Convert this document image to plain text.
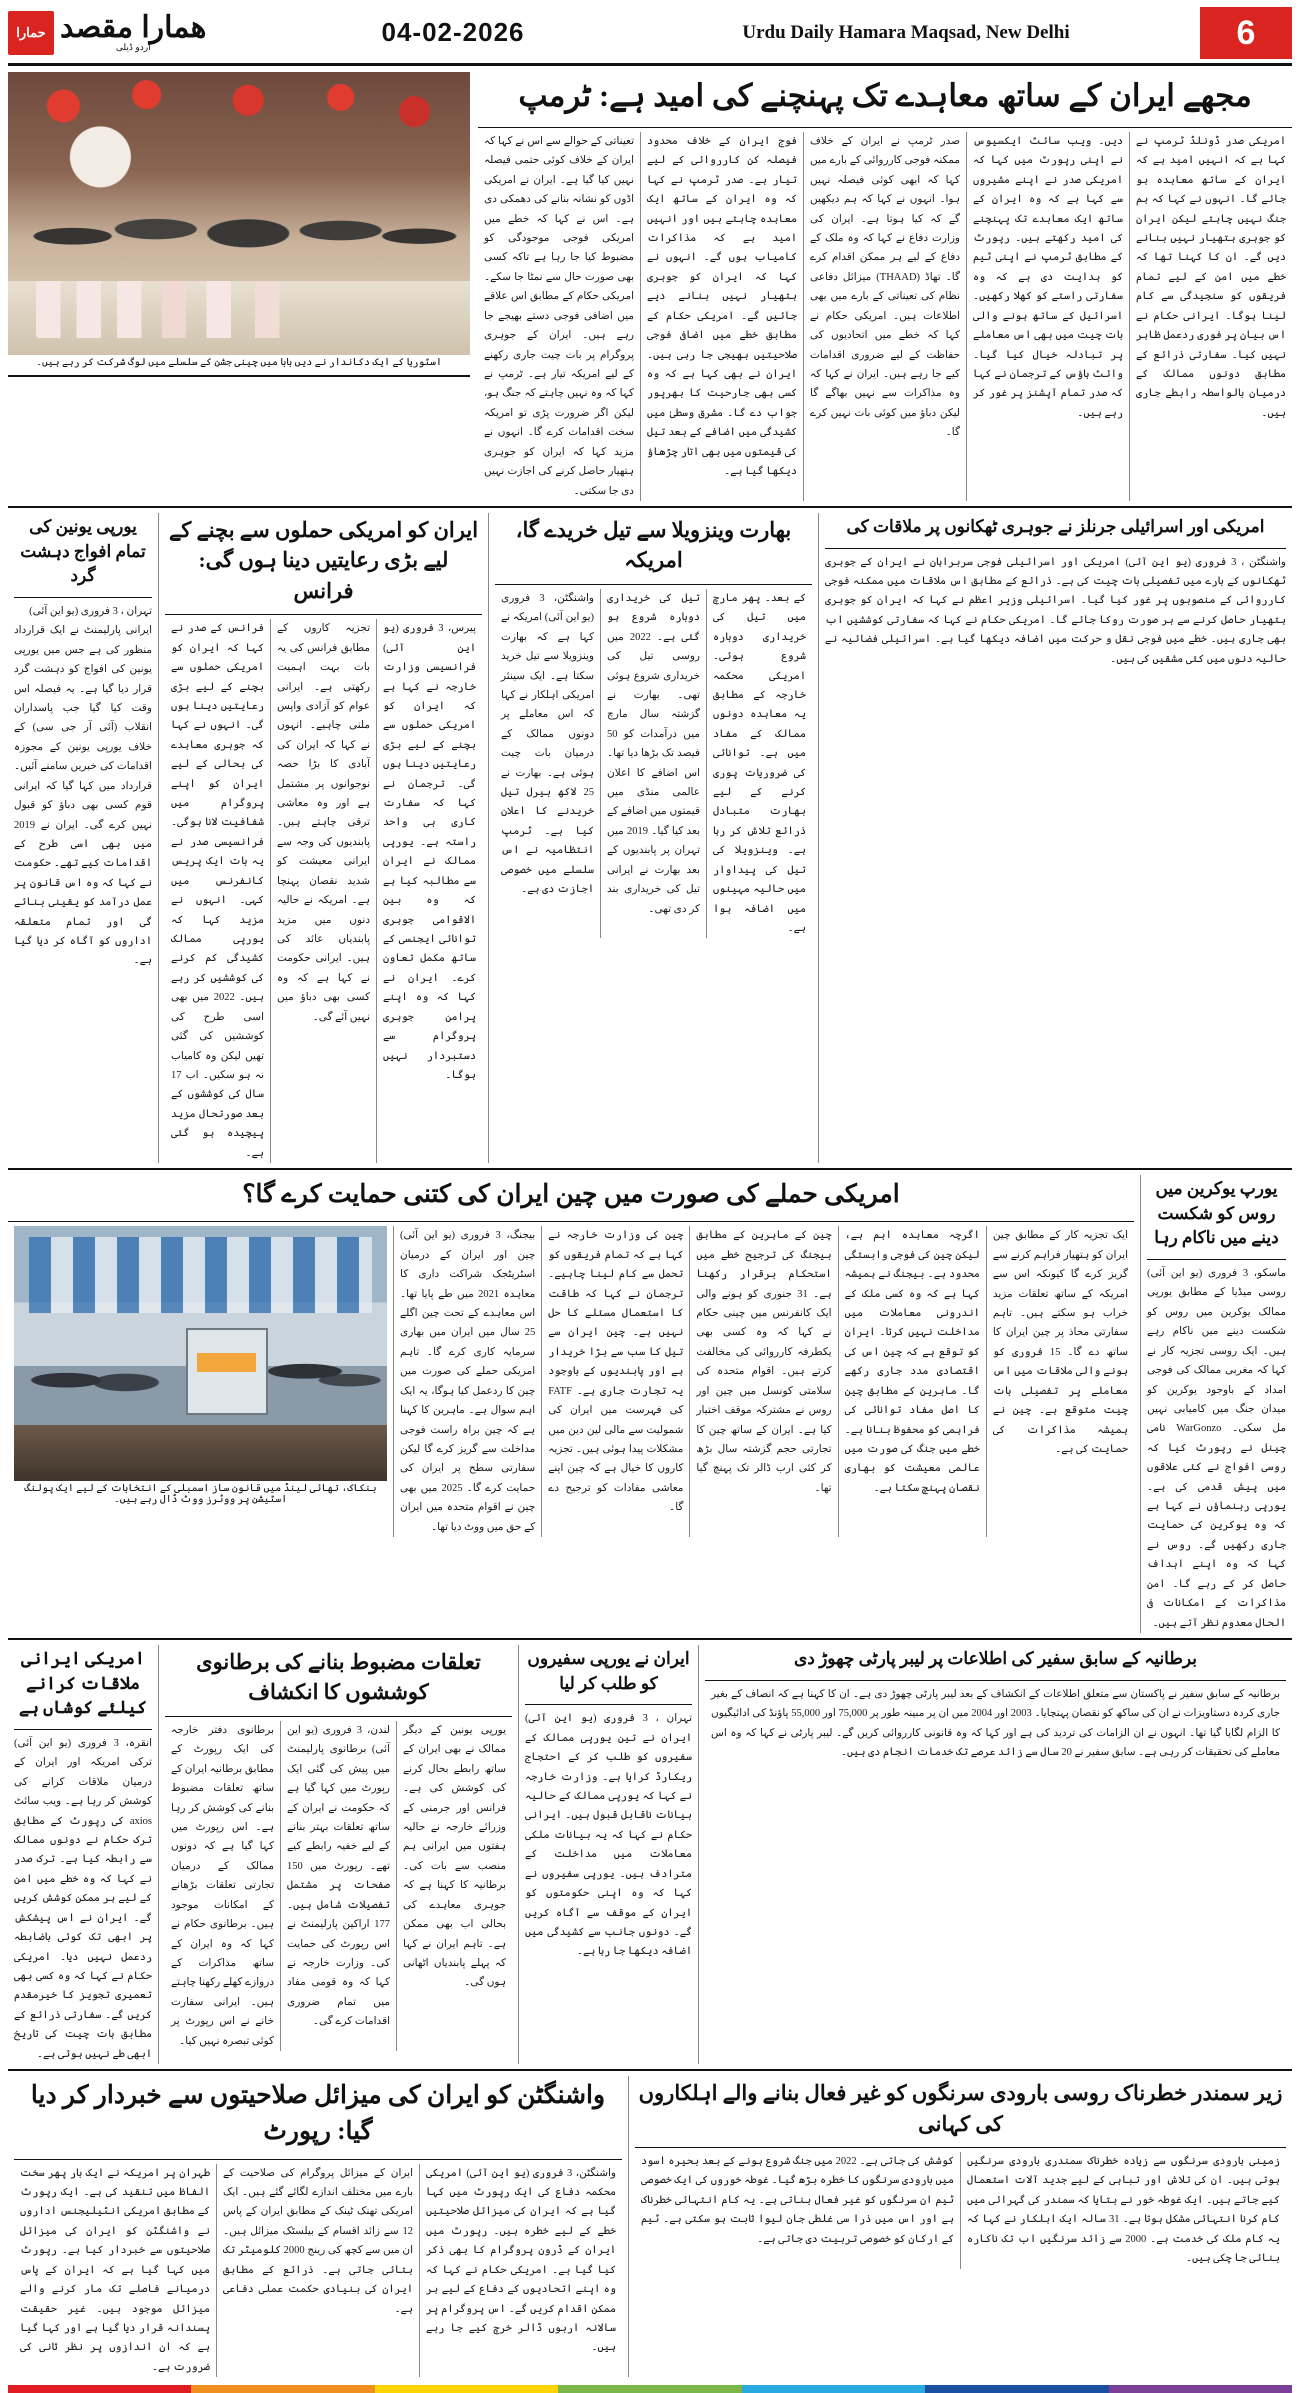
حمارا همارا مقصد
اردو ڈیلی	04-02-2026	Urdu Daily Hamara Maqsad, New Delhi	6
اسٹوریا کے ایک دکاندار نے دیں بابا میں چینی جشن کے سلسلے میں لوگ شرکت کر رہے ہیں۔
مجھے ایران کے ساتھ معاہدے تک پہنچنے کی امید ہے: ٹرمپ
تعیناتی کے حوالے سے اس نے کہا کہ ایران کے خلاف کوئی حتمی فیصلہ نہیں کیا گیا ہے۔ ایران نے امریکی اڈوں کو نشانہ بنانے کی دھمکی دی ہے۔ اس نے کہا کہ خطے میں امریکی فوجی موجودگی کو مضبوط کیا جا رہا ہے تاکہ کسی بھی صورت حال سے نمٹا جا سکے۔ امریکی حکام کے مطابق اس علاقے میں اضافی فوجی دستے بھیجے جا رہے ہیں۔ ایران کے جوہری پروگرام پر بات چیت جاری رکھنے کے لیے امریکہ تیار ہے۔ ٹرمپ نے کہا کہ وہ نہیں چاہتے کہ جنگ ہو، لیکن اگر ضرورت پڑی تو امریکہ سخت اقدامات کرے گا۔ انہوں نے مزید کہا کہ ایران کو جوہری ہتھیار حاصل کرنے کی اجازت نہیں دی جا سکتی۔
فوج ایران کے خلاف محدود فیصلہ کن کارروائی کے لیے تیار ہے۔ صدر ٹرمپ نے کہا کہ وہ ایران کے ساتھ ایک معاہدہ چاہتے ہیں اور انہیں امید ہے کہ مذاکرات کامیاب ہوں گے۔ انہوں نے کہا کہ ایران کو جوہری ہتھیار نہیں بنانے دیے جائیں گے۔ امریکی حکام کے مطابق خطے میں اضافی فوجی صلاحیتیں بھیجی جا رہی ہیں۔ ایران نے بھی کہا ہے کہ وہ کسی بھی جارحیت کا بھرپور جواب دے گا۔ مشرق وسطیٰ میں کشیدگی میں اضافے کے بعد تیل کی قیمتوں میں بھی اتار چڑھاؤ دیکھا گیا ہے۔
صدر ٹرمپ نے ایران کے خلاف ممکنہ فوجی کارروائی کے بارے میں کہا کہ ابھی کوئی فیصلہ نہیں ہوا۔ انہوں نے کہا کہ ہم دیکھیں گے کہ کیا ہوتا ہے۔ ایران کی وزارت دفاع نے کہا کہ وہ ملک کے دفاع کے لیے ہر ممکن اقدام کرے گا۔ تھاڈ (THAAD) میزائل دفاعی نظام کی تعیناتی کے بارے میں بھی اطلاعات ہیں۔ امریکی حکام نے کہا کہ خطے میں اتحادیوں کی حفاظت کے لیے ضروری اقدامات کیے جا رہے ہیں۔ ایران نے کہا کہ وہ مذاکرات سے نہیں بھاگے گا لیکن دباؤ میں کوئی بات نہیں کرے گا۔
دیں۔ ویب سائٹ ایکسیوس نے اپنی رپورٹ میں کہا کہ امریکی صدر نے اپنے مشیروں سے کہا ہے کہ وہ ایران کے ساتھ ایک معاہدے تک پہنچنے کی امید رکھتے ہیں۔ رپورٹ کے مطابق ٹرمپ نے اپنی ٹیم کو ہدایت دی ہے کہ وہ سفارتی راستے کو کھلا رکھیں۔ اسرائیل کے ساتھ ہونے والی بات چیت میں بھی اس معاملے پر تبادلہ خیال کیا گیا۔ وائٹ ہاؤس کے ترجمان نے کہا کہ صدر تمام آپشنز پر غور کر رہے ہیں۔
امریکی صدر ڈونلڈ ٹرمپ نے کہا ہے کہ انہیں امید ہے کہ ایران کے ساتھ معاہدہ ہو جائے گا۔ انہوں نے کہا کہ ہم جنگ نہیں چاہتے لیکن ایران کو جوہری ہتھیار نہیں بنانے دیں گے۔ ان کا کہنا تھا کہ خطے میں امن کے لیے تمام فریقوں کو سنجیدگی سے کام لینا ہوگا۔ ایرانی حکام نے اس بیان پر فوری ردعمل ظاہر نہیں کیا۔ سفارتی ذرائع کے مطابق دونوں ممالک کے درمیان بالواسطہ رابطے جاری ہیں۔
یورپی یونین کی تمام افواج دہشت گرد
تہران ، 3 فروری (یو این آئی)
ایرانی پارلیمنٹ نے ایک قرارداد منظور کی ہے جس میں یورپی یونین کی افواج کو دہشت گرد قرار دیا گیا ہے۔ یہ فیصلہ اس وقت کیا گیا جب پاسداران انقلاب (آئی آر جی سی) کے خلاف یورپی یونین کے مجوزہ اقدامات کی خبریں سامنے آئیں۔ قرارداد میں کہا گیا کہ ایرانی قوم کسی بھی دباؤ کو قبول نہیں کرے گی۔ ایران نے 2019 میں بھی اسی طرح کے اقدامات کیے تھے۔ حکومت نے کہا کہ وہ اس قانون پر عمل درآمد کو یقینی بنائے گی اور تمام متعلقہ اداروں کو آگاہ کر دیا گیا ہے۔
ایران کو امریکی حملوں سے بچنے کے لیے بڑی رعایتیں دینا ہوں گی: فرانس
فرانس کے صدر نے کہا کہ ایران کو امریکی حملوں سے بچنے کے لیے بڑی رعایتیں دینا ہوں گی۔ انہوں نے کہا کہ جوہری معاہدے کی بحالی کے لیے ایران کو اپنے پروگرام میں شفافیت لانا ہوگی۔ فرانسیسی صدر نے یہ بات ایک پریس کانفرنس میں کہی۔ انہوں نے مزید کہا کہ یورپی ممالک کشیدگی کم کرنے کی کوششیں کر رہے ہیں۔ 2022 میں بھی اسی طرح کی کوششیں کی گئی تھیں لیکن وہ کامیاب نہ ہو سکیں۔ اب 17 سال کی کوششوں کے بعد صورتحال مزید پیچیدہ ہو گئی ہے۔
تجزیہ کاروں کے مطابق فرانس کی یہ بات بہت اہمیت رکھتی ہے۔ ایرانی عوام کو آزادی واپس ملنی چاہیے۔ انہوں نے کہا کہ ایران کی آبادی کا بڑا حصہ نوجوانوں پر مشتمل ہے اور وہ معاشی ترقی چاہتے ہیں۔ پابندیوں کی وجہ سے ایرانی معیشت کو شدید نقصان پہنچا ہے۔ امریکہ نے حالیہ دنوں میں مزید پابندیاں عائد کی ہیں۔ ایرانی حکومت نے کہا ہے کہ وہ کسی بھی دباؤ میں نہیں آئے گی۔
پیرس، 3 فروری (یو این آئی) فرانسیسی وزارت خارجہ نے کہا ہے کہ ایران کو امریکی حملوں سے بچنے کے لیے بڑی رعایتیں دینا ہوں گی۔ ترجمان نے کہا کہ سفارت کاری ہی واحد راستہ ہے۔ یورپی ممالک نے ایران سے مطالبہ کیا ہے کہ وہ بین الاقوامی جوہری توانائی ایجنسی کے ساتھ مکمل تعاون کرے۔ ایران نے کہا کہ وہ اپنے پرامن جوہری پروگرام سے دستبردار نہیں ہوگا۔
بھارت وینزویلا سے تیل خریدے گا، امریکہ
واشنگٹن، 3 فروری (یو این آئی) امریکہ نے کہا ہے کہ بھارت وینزویلا سے تیل خرید سکتا ہے۔ ایک سینئر امریکی اہلکار نے کہا کہ اس معاملے پر دونوں ممالک کے درمیان بات چیت ہوئی ہے۔ بھارت نے 25 لاکھ بیرل تیل خریدنے کا اعلان کیا ہے۔ ٹرمپ انتظامیہ نے اس سلسلے میں خصوصی اجازت دی ہے۔
تیل کی خریداری دوبارہ شروع ہو گئی ہے۔ 2022 میں روسی تیل کی خریداری شروع ہوئی تھی۔ بھارت نے گزشتہ سال مارچ میں درآمدات کو 50 فیصد تک بڑھا دیا تھا۔ اس اضافے کا اعلان عالمی منڈی میں قیمتوں میں اضافے کے بعد کیا گیا۔ 2019 میں تہران پر پابندیوں کے بعد بھارت نے ایرانی تیل کی خریداری بند کر دی تھی۔
کے بعد۔ پھر مارچ میں تیل کی خریداری دوبارہ شروع ہوئی۔ امریکی محکمہ خارجہ کے مطابق یہ معاہدہ دونوں ممالک کے مفاد میں ہے۔ توانائی کی ضروریات پوری کرنے کے لیے بھارت متبادل ذرائع تلاش کر رہا ہے۔ وینزویلا کی تیل کی پیداوار میں حالیہ مہینوں میں اضافہ ہوا ہے۔
امریکی اور اسرائیلی جرنلز نے جوہری ٹھکانوں پر ملاقات کی
واشنگٹن ، 3 فروری (یو این آئی) امریکی اور اسرائیلی فوجی سربراہان نے ایران کے جوہری ٹھکانوں کے بارے میں تفصیلی بات چیت کی ہے۔ ذرائع کے مطابق اس ملاقات میں ممکنہ فوجی کارروائی کے منصوبوں پر غور کیا گیا۔ اسرائیلی وزیر اعظم نے کہا کہ ایران کو جوہری ہتھیار حاصل کرنے سے ہر صورت روکا جائے گا۔ امریکی حکام نے کہا کہ سفارتی کوششیں اب بھی جاری ہیں۔ خطے میں فوجی نقل و حرکت میں اضافہ دیکھا گیا ہے۔ اسرائیلی فضائیہ نے حالیہ دنوں میں کئی مشقیں کی ہیں۔
امریکی حملے کی صورت میں چین ایران کی کتنی حمایت کرے گا؟
بنکاک، تھائی لینڈ میں قانون ساز اسمبلی کے انتخابات کے لیے ایک پولنگ اسٹیشن پر ووٹرز ووٹ ڈال رہے ہیں۔
بیجنگ، 3 فروری (یو این آئی) چین اور ایران کے درمیان اسٹریٹجک شراکت داری کا معاہدہ 2021 میں طے پایا تھا۔ اس معاہدے کے تحت چین اگلے 25 سال میں ایران میں بھاری سرمایہ کاری کرے گا۔ تاہم امریکی حملے کی صورت میں چین کا ردعمل کیا ہوگا، یہ ایک اہم سوال ہے۔ ماہرین کا کہنا ہے کہ چین براہ راست فوجی مداخلت سے گریز کرے گا لیکن سفارتی سطح پر ایران کی حمایت کرے گا۔ 2025 میں بھی چین نے اقوام متحدہ میں ایران کے حق میں ووٹ دیا تھا۔
چین کی وزارت خارجہ نے کہا ہے کہ تمام فریقوں کو تحمل سے کام لینا چاہیے۔ ترجمان نے کہا کہ طاقت کا استعمال مسئلے کا حل نہیں ہے۔ چین ایران سے تیل کا سب سے بڑا خریدار ہے اور پابندیوں کے باوجود یہ تجارت جاری ہے۔ FATF کی فہرست میں ایران کی شمولیت سے مالی لین دین میں مشکلات پیدا ہوئی ہیں۔ تجزیہ کاروں کا خیال ہے کہ چین اپنے معاشی مفادات کو ترجیح دے گا۔
چین کے ماہرین کے مطابق بیجنگ کی ترجیح خطے میں استحکام برقرار رکھنا ہے۔ 31 جنوری کو ہونے والی ایک کانفرنس میں چینی حکام نے کہا کہ وہ کسی بھی یکطرفہ کارروائی کی مخالفت کرتے ہیں۔ اقوام متحدہ کی سلامتی کونسل میں چین اور روس نے مشترکہ موقف اختیار کیا ہے۔ ایران کے ساتھ چین کا تجارتی حجم گزشتہ سال بڑھ کر کئی ارب ڈالر تک پہنچ گیا تھا۔
اگرچہ معاہدہ اہم ہے، لیکن چین کی فوجی وابستگی محدود ہے۔ بیجنگ نے ہمیشہ کہا ہے کہ وہ کسی ملک کے اندرونی معاملات میں مداخلت نہیں کرتا۔ ایران کو توقع ہے کہ چین اس کی اقتصادی مدد جاری رکھے گا۔ ماہرین کے مطابق چین کا اصل مفاد توانائی کی فراہمی کو محفوظ بنانا ہے۔ خطے میں جنگ کی صورت میں عالمی معیشت کو بھاری نقصان پہنچ سکتا ہے۔
ایک تجزیہ کار کے مطابق چین ایران کو ہتھیار فراہم کرنے سے گریز کرے گا کیونکہ اس سے امریکہ کے ساتھ تعلقات مزید خراب ہو سکتے ہیں۔ تاہم سفارتی محاذ پر چین ایران کا ساتھ دے گا۔ 15 فروری کو ہونے والی ملاقات میں اس معاملے پر تفصیلی بات چیت متوقع ہے۔ چین نے ہمیشہ مذاکرات کی حمایت کی ہے۔
یورپ یوکرین میں روس کو شکست دینے میں ناکام رہا
ماسکو، 3 فروری (یو این آئی) روسی میڈیا کے مطابق یورپی ممالک یوکرین میں روس کو شکست دینے میں ناکام رہے ہیں۔ ایک روسی تجزیہ کار نے کہا کہ مغربی ممالک کی فوجی امداد کے باوجود یوکرین کو میدان جنگ میں کامیابی نہیں مل سکی۔ WarGonzo نامی چینل نے رپورٹ کیا کہ روسی افواج نے کئی علاقوں میں پیش قدمی کی ہے۔ یورپی رہنماؤں نے کہا ہے کہ وہ یوکرین کی حمایت جاری رکھیں گے۔ روس نے کہا کہ وہ اپنے اہداف حاصل کر کے رہے گا۔ امن مذاکرات کے امکانات فی الحال معدوم نظر آتے ہیں۔
امریکی ایرانی ملاقات کرانے کیلئے کوشاں ہے
انقرہ، 3 فروری (یو این آئی) ترکی امریکہ اور ایران کے درمیان ملاقات کرانے کی کوشش کر رہا ہے۔ ویب سائٹ axios کی رپورٹ کے مطابق ترک حکام نے دونوں ممالک سے رابطہ کیا ہے۔ ترک صدر نے کہا کہ وہ خطے میں امن کے لیے ہر ممکن کوشش کریں گے۔ ایران نے اس پیشکش پر ابھی تک کوئی باضابطہ ردعمل نہیں دیا۔ امریکی حکام نے کہا کہ وہ کسی بھی تعمیری تجویز کا خیرمقدم کریں گے۔ سفارتی ذرائع کے مطابق بات چیت کی تاریخ ابھی طے نہیں ہوئی ہے۔
تعلقات مضبوط بنانے کی برطانوی کوششوں کا انکشاف
برطانوی دفتر خارجہ کی ایک رپورٹ کے مطابق برطانیہ ایران کے ساتھ تعلقات مضبوط بنانے کی کوشش کر رہا ہے۔ اس رپورٹ میں کہا گیا ہے کہ دونوں ممالک کے درمیان تجارتی تعلقات بڑھانے کے امکانات موجود ہیں۔ برطانوی حکام نے کہا کہ وہ ایران کے ساتھ مذاکرات کے دروازے کھلے رکھنا چاہتے ہیں۔ ایرانی سفارت خانے نے اس رپورٹ پر کوئی تبصرہ نہیں کیا۔
لندن، 3 فروری (یو این آئی) برطانوی پارلیمنٹ میں پیش کی گئی ایک رپورٹ میں کہا گیا ہے کہ حکومت نے ایران کے ساتھ تعلقات بہتر بنانے کے لیے خفیہ رابطے کیے تھے۔ رپورٹ میں 150 صفحات پر مشتمل تفصیلات شامل ہیں۔ 177 اراکین پارلیمنٹ نے اس رپورٹ کی حمایت کی۔ وزارت خارجہ نے کہا کہ وہ قومی مفاد میں تمام ضروری اقدامات کرے گی۔
یورپی یونین کے دیگر ممالک نے بھی ایران کے ساتھ رابطے بحال کرنے کی کوشش کی ہے۔ فرانس اور جرمنی کے وزرائے خارجہ نے حالیہ ہفتوں میں ایرانی ہم منصب سے بات کی۔ برطانیہ کا کہنا ہے کہ جوہری معاہدے کی بحالی اب بھی ممکن ہے۔ تاہم ایران نے کہا کہ پہلے پابندیاں اٹھانی ہوں گی۔
ایران نے یورپی سفیروں کو طلب کر لیا
تہران ، 3 فروری (یو این آئی) ایران نے تین یورپی ممالک کے سفیروں کو طلب کر کے احتجاج ریکارڈ کرایا ہے۔ وزارت خارجہ نے کہا کہ یورپی ممالک کے حالیہ بیانات ناقابل قبول ہیں۔ ایرانی حکام نے کہا کہ یہ بیانات ملکی معاملات میں مداخلت کے مترادف ہیں۔ یورپی سفیروں نے کہا کہ وہ اپنی حکومتوں کو ایران کے موقف سے آگاہ کریں گے۔ دونوں جانب سے کشیدگی میں اضافہ دیکھا جا رہا ہے۔
برطانیہ کے سابق سفیر کی اطلاعات پر لیبر پارٹی چھوڑ دی
برطانیہ کے سابق سفیر نے پاکستان سے متعلق اطلاعات کے انکشاف کے بعد لیبر پارٹی چھوڑ دی ہے۔ ان کا کہنا ہے کہ انصاف کے بغیر جاری کردہ دستاویزات نے ان کی ساکھ کو نقصان پہنچایا۔ 2003 اور 2004 میں ان پر مبینہ طور پر 75,000 اور 55,000 پاؤنڈ کی ادائیگیوں کا الزام لگایا گیا تھا۔ انہوں نے ان الزامات کی تردید کی ہے اور کہا کہ وہ قانونی کارروائی کریں گے۔ لیبر پارٹی نے کہا کہ وہ اس معاملے کی تحقیقات کر رہی ہے۔ سابق سفیر نے 20 سال سے زائد عرصے تک خدمات انجام دی ہیں۔
واشنگٹن کو ایران کی میزائل صلاحیتوں سے خبردار کر دیا گیا: رپورٹ
طہران پر امریکہ نے ایک بار پھر سخت الفاظ میں تنقید کی ہے۔ ایک رپورٹ کے مطابق امریکی انٹیلیجنس اداروں نے واشنگٹن کو ایران کی میزائل صلاحیتوں سے خبردار کیا ہے۔ رپورٹ میں کہا گیا ہے کہ ایران کے پاس درمیانے فاصلے تک مار کرنے والے میزائل موجود ہیں۔ غیر حقیقت پسندانہ قرار دیا گیا ہے اور کہا گیا ہے کہ ان اندازوں پر نظر ثانی کی ضرورت ہے۔
ایران کے میزائل پروگرام کی صلاحیت کے بارے میں مختلف اندازے لگائے گئے ہیں۔ ایک امریکی تھنک ٹینک کے مطابق ایران کے پاس 12 سے زائد اقسام کے بیلسٹک میزائل ہیں۔ ان میں سے کچھ کی رینج 2000 کلومیٹر تک بتائی جاتی ہے۔ ذرائع کے مطابق ایران کی بنیادی حکمت عملی دفاعی ہے۔
واشنگٹن، 3 فروری (یو این آئی) امریکی محکمہ دفاع کی ایک رپورٹ میں کہا گیا ہے کہ ایران کی میزائل صلاحیتیں خطے کے لیے خطرہ ہیں۔ رپورٹ میں ایران کے ڈرون پروگرام کا بھی ذکر کیا گیا ہے۔ امریکی حکام نے کہا کہ وہ اپنے اتحادیوں کے دفاع کے لیے ہر ممکن اقدام کریں گے۔ اس پروگرام پر سالانہ اربوں ڈالر خرچ کیے جا رہے ہیں۔
زیر سمندر خطرناک روسی بارودی سرنگوں کو غیر فعال بنانے والے اہلکاروں کی کہانی
کوشش کی جاتی ہے۔ 2022 میں جنگ شروع ہونے کے بعد بحیرہ اسود میں بارودی سرنگوں کا خطرہ بڑھ گیا۔ غوطہ خوروں کی ایک خصوصی ٹیم ان سرنگوں کو غیر فعال بناتی ہے۔ یہ کام انتہائی خطرناک ہے اور اس میں ذرا سی غلطی جان لیوا ثابت ہو سکتی ہے۔ ٹیم کے ارکان کو خصوصی تربیت دی جاتی ہے۔
زمینی بارودی سرنگوں سے زیادہ خطرناک سمندری بارودی سرنگیں ہوتی ہیں۔ ان کی تلاش اور تباہی کے لیے جدید آلات استعمال کیے جاتے ہیں۔ ایک غوطہ خور نے بتایا کہ سمندر کی گہرائی میں کام کرنا انتہائی مشکل ہوتا ہے۔ 31 سالہ ایک اہلکار نے کہا کہ یہ کام ملک کی خدمت ہے۔ 2000 سے زائد سرنگیں اب تک ناکارہ بنائی جا چکی ہیں۔
